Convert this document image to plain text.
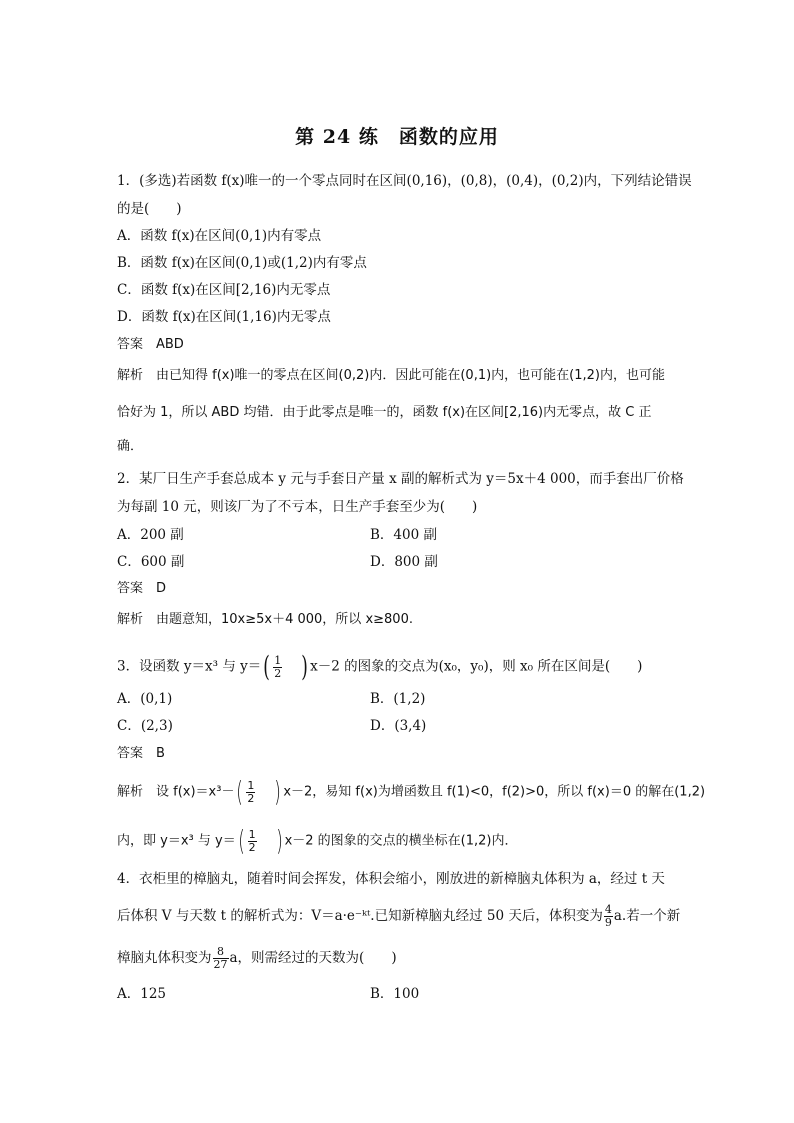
第 24 练　函数的应用
1．(多选)若函数 f(x)唯一的一个零点同时在区间(0,16)，(0,8)，(0,4)，(0,2)内，下列结论错误
的是(　　)
A．函数 f(x)在区间(0,1)内有零点
B．函数 f(x)在区间(0,1)或(1,2)内有零点
C．函数 f(x)在区间[2,16)内无零点
D．函数 f(x)在区间(1,16)内无零点
答案　ABD
解析　由已知得 f(x)唯一的零点在区间(0,2)内．因此可能在(0,1)内，也可能在(1,2)内，也可能
恰好为 1，所以 ABD 均错．由于此零点是唯一的，函数 f(x)在区间[2,16)内无零点，故 C 正
确．
2．某厂日生产手套总成本 y 元与手套日产量 x 副的解析式为 y＝5x＋4 000，而手套出厂价格
为每副 10 元，则该厂为了不亏本，日生产手套至少为(　　)
A．200 副	B．400 副
C．600 副	D．800 副
答案　D
解析　由题意知，10x≥5x＋4 000，所以 x≥800.
3．设函数 y＝x³ 与 $y=( \frac{1}{2}$ ) x－2 的图象的交点为(x₀，y₀)，则 x₀ 所在区间是(　　)
A．(0,1)	B．(1,2)
C．(2,3)	D．(3,4)
答案　B
解析　设 $f(x)=x^3-( \frac{1}{2}$ ) x－2，易知 f(x)为增函数且 f(1)<0，f(2)>0，所以 f(x)＝0 的解在(1,2)
内，即 y＝x³ 与 $y=( \frac{1}{2}$ ) x－2 的图象的交点的横坐标在(1,2)内．
4．衣柜里的樟脑丸，随着时间会挥发，体积会缩小，刚放进的新樟脑丸体积为 a，经过 t 天
后体积 V 与天数 t 的解析式为：V＝a·e⁻ᵏᵗ.已知新樟脑丸经过 50 天后，体积变为 $\frac{4}{9} a$.若一个新
樟脑丸体积变为 $\frac{8}{27}$ a，则需经过的天数为(　　)
A．125	B．100
